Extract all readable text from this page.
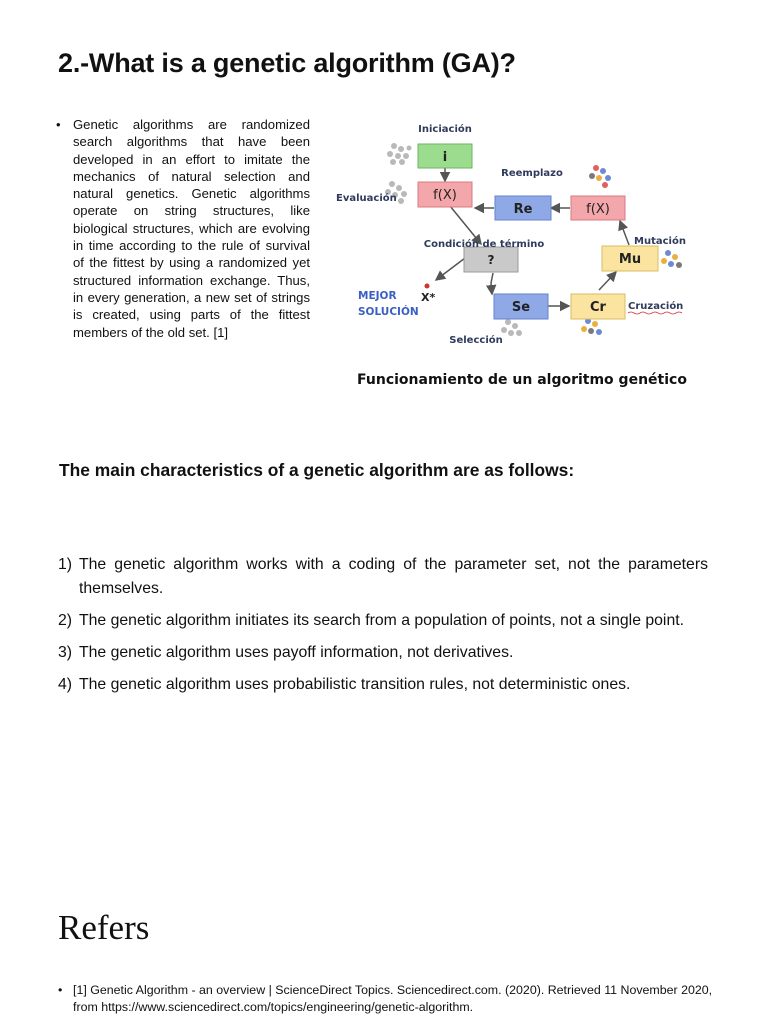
2.-What is a genetic algorithm (GA)?
• Genetic algorithms are randomized search algorithms that have been developed in an effort to imitate the mechanics of natural selection and natural genetics. Genetic algorithms operate on string structures, like biological structures, which are evolving in time according to the rule of survival of the fittest by using a randomized yet structured information exchange. Thus, in every generation, a new set of strings is created, using parts of the fittest members of the old set. [1]
i
f(X)
Re	f(X)
?	Mu
Se	Cr
Iniciación
Reemplazo
Evaluación
Condición de término	Mutación
MEJOR
SOLUCIÓN
X*
Cruzación
Selección
Funcionamiento de un algoritmo genético
The main characteristics of a genetic algorithm are as follows:
1) The genetic algorithm works with a coding of the parameter set, not the parameters themselves.
2) The genetic algorithm initiates its search from a population of points, not a single point.
3) The genetic algorithm uses payoff information, not derivatives.
4) The genetic algorithm uses probabilistic transition rules, not deterministic ones.
Refers
• [1] Genetic Algorithm - an overview | ScienceDirect Topics. Sciencedirect.com. (2020). Retrieved 11 November 2020, from https://www.sciencedirect.com/topics/engineering/genetic-algorithm.
